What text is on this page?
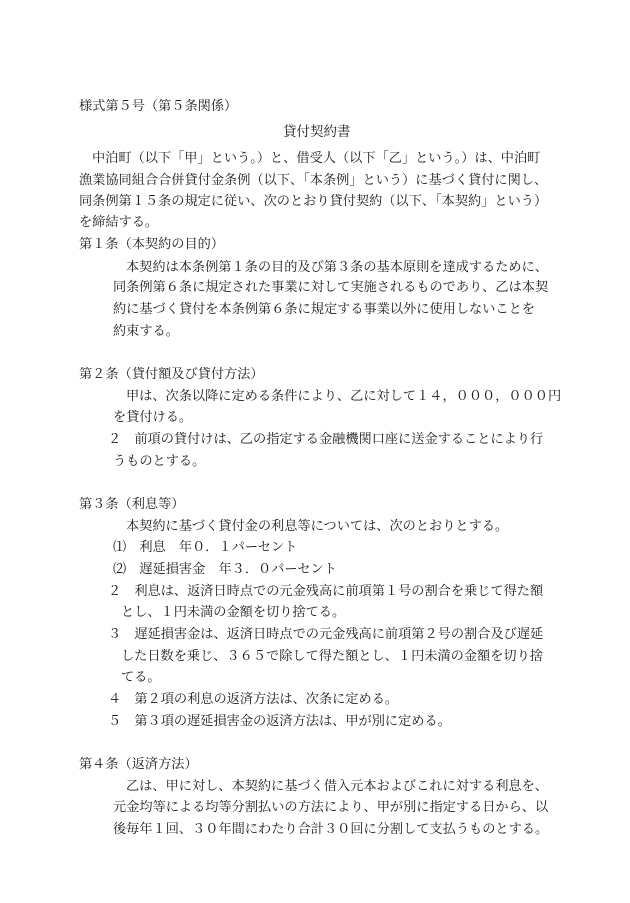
様式第５号（第５条関係）
貸付契約書
中泊町（以下「甲」という。）と、借受人（以下「乙」という。）は、中泊町
漁業協同組合合併貸付金条例（以下、「本条例」という）に基づく貸付に関し、
同条例第１５条の規定に従い、次のとおり貸付契約（以下、「本契約」という）
を締結する。
第１条（本契約の目的）
本契約は本条例第１条の目的及び第３条の基本原則を達成するために、
同条例第６条に規定された事業に対して実施されるものであり、乙は本契
約に基づく貸付を本条例第６条に規定する事業以外に使用しないことを
約束する。
第２条（貸付額及び貸付方法）
甲は、次条以降に定める条件により、乙に対して１４，０００，０００円
を貸付ける。
２　前項の貸付けは、乙の指定する金融機関口座に送金することにより行
うものとする。
第３条（利息等）
本契約に基づく貸付金の利息等については、次のとおりとする。
⑴　利息　年０．１パーセント
⑵　遅延損害金　年３．０パーセント
２　利息は、返済日時点での元金残高に前項第１号の割合を乗じて得た額
とし、１円未満の金額を切り捨てる。
３　遅延損害金は、返済日時点での元金残高に前項第２号の割合及び遅延
した日数を乗じ、３６５で除して得た額とし、１円未満の金額を切り捨
てる。
４　第２項の利息の返済方法は、次条に定める。
５　第３項の遅延損害金の返済方法は、甲が別に定める。
第４条（返済方法）
乙は、甲に対し、本契約に基づく借入元本およびこれに対する利息を、
元金均等による均等分割払いの方法により、甲が別に指定する日から、以
後毎年１回、３０年間にわたり合計３０回に分割して支払うものとする。
